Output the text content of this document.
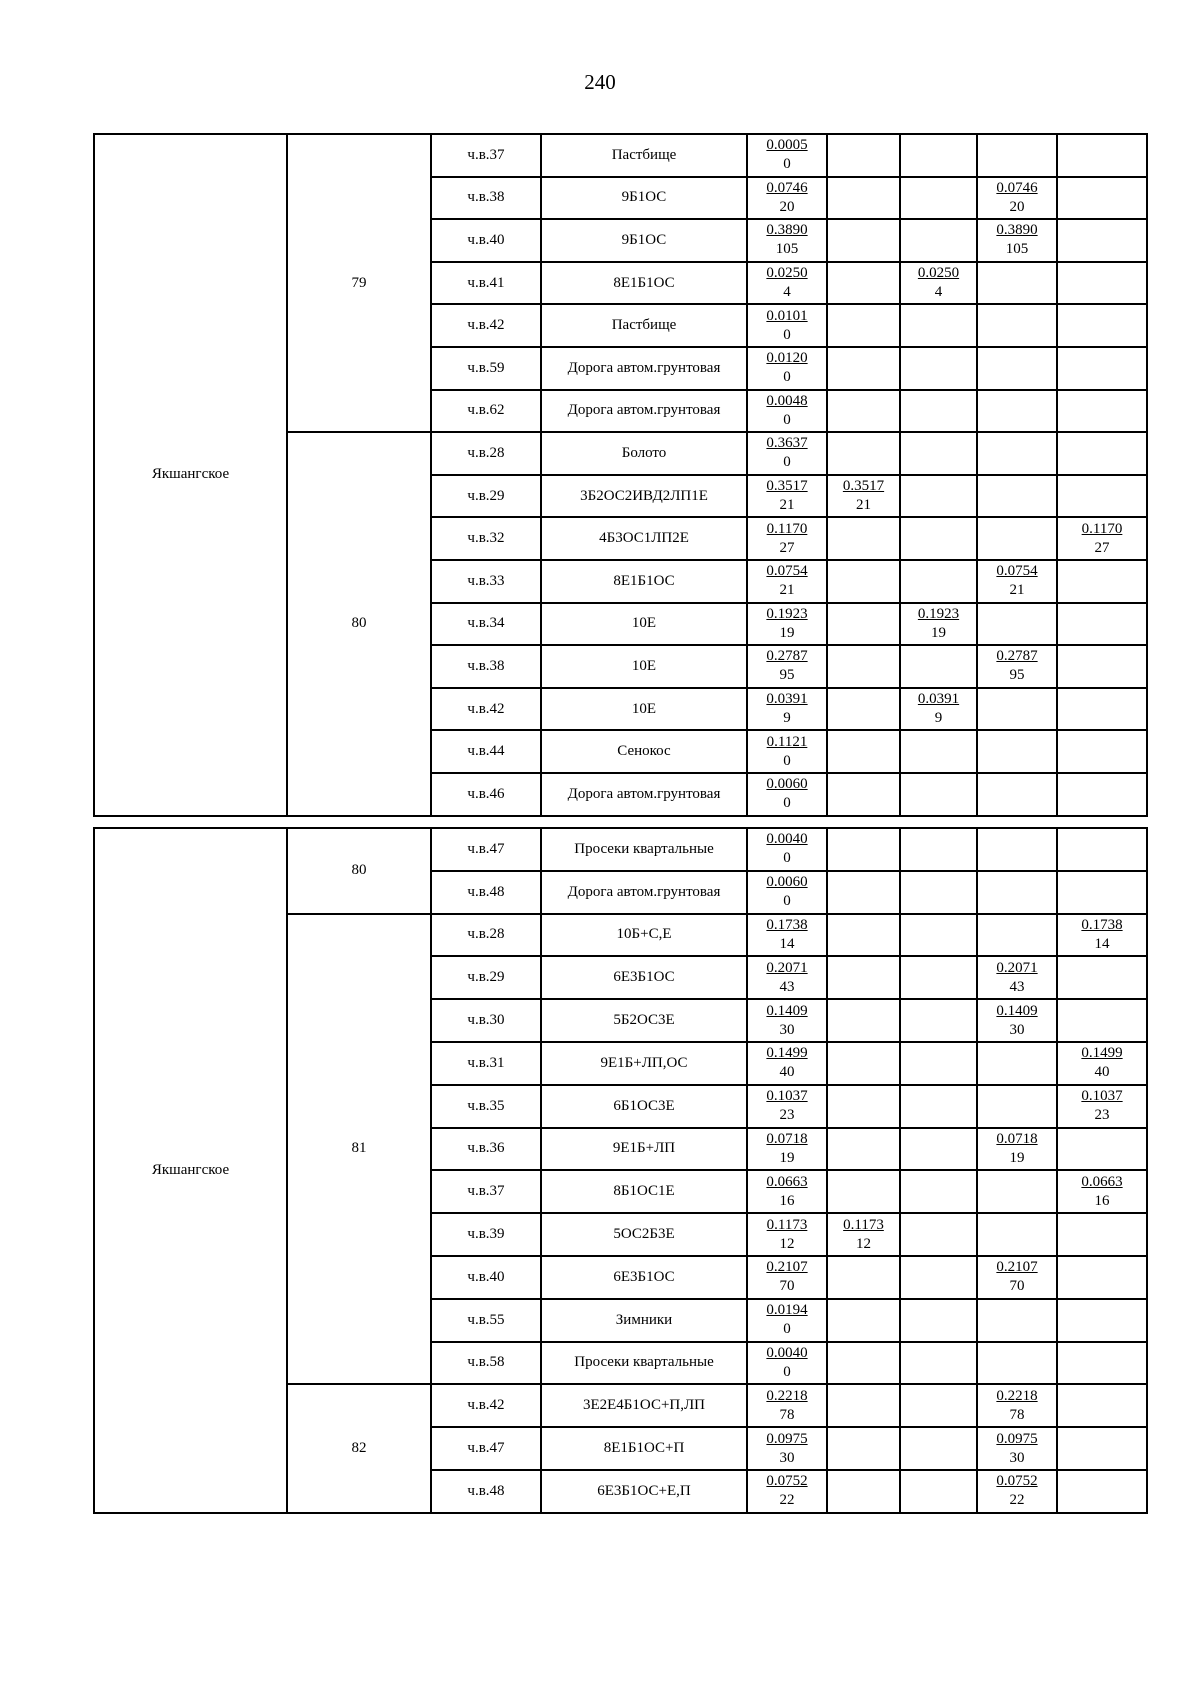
240
Якшангское	79	ч.в.37	Пастбище	$\frac{0.0005}{0}$

		ч.в.38	9Б1ОС	$\frac{0.0746}{20}$			$\frac{0.0746}{20}$

		ч.в.40	9Б1ОС	$\frac{0.3890}{105}$			$\frac{0.3890}{105}$

		ч.в.41	8Е1Б1ОС	$\frac{0.0250}{4}$		$\frac{0.0250}{4}$

		ч.в.42	Пастбище	$\frac{0.0101}{0}$

		ч.в.59	Дорога автом.грунтовая	$\frac{0.0120}{0}$

		ч.в.62	Дорога автом.грунтовая	$\frac{0.0048}{0}$

	80	ч.в.28	Болото	$\frac{0.3637}{0}$

		ч.в.29	3Б2ОС2ИВД2ЛП1Е	$\frac{0.3517}{21}$	$\frac{0.3517}{21}$

		ч.в.32	4Б3ОС1ЛП2Е	$\frac{0.1170}{27}$				$\frac{0.1170}{27}$

		ч.в.33	8Е1Б1ОС	$\frac{0.0754}{21}$			$\frac{0.0754}{21}$

		ч.в.34	10Е	$\frac{0.1923}{19}$		$\frac{0.1923}{19}$

		ч.в.38	10Е	$\frac{0.2787}{95}$			$\frac{0.2787}{95}$

		ч.в.42	10Е	$\frac{0.0391}{9}$		$\frac{0.0391}{9}$

		ч.в.44	Сенокос	$\frac{0.1121}{0}$

		ч.в.46	Дорога автом.грунтовая	$\frac{0.0060}{0}$

Якшангское	80	ч.в.47	Просеки квартальные	$\frac{0.0040}{0}$

		ч.в.48	Дорога автом.грунтовая	$\frac{0.0060}{0}$

	81	ч.в.28	10Б+С,Е	$\frac{0.1738}{14}$				$\frac{0.1738}{14}$

		ч.в.29	6Е3Б1ОС	$\frac{0.2071}{43}$			$\frac{0.2071}{43}$

		ч.в.30	5Б2ОС3Е	$\frac{0.1409}{30}$			$\frac{0.1409}{30}$

		ч.в.31	9Е1Б+ЛП,ОС	$\frac{0.1499}{40}$				$\frac{0.1499}{40}$

		ч.в.35	6Б1ОС3Е	$\frac{0.1037}{23}$				$\frac{0.1037}{23}$

		ч.в.36	9Е1Б+ЛП	$\frac{0.0718}{19}$			$\frac{0.0718}{19}$

		ч.в.37	8Б1ОС1Е	$\frac{0.0663}{16}$				$\frac{0.0663}{16}$

		ч.в.39	5ОС2Б3Е	$\frac{0.1173}{12}$	$\frac{0.1173}{12}$

		ч.в.40	6Е3Б1ОС	$\frac{0.2107}{70}$			$\frac{0.2107}{70}$

		ч.в.55	Зимники	$\frac{0.0194}{0}$

		ч.в.58	Просеки квартальные	$\frac{0.0040}{0}$

	82	ч.в.42	3Е2Е4Б1ОС+П,ЛП	$\frac{0.2218}{78}$			$\frac{0.2218}{78}$

		ч.в.47	8Е1Б1ОС+П	$\frac{0.0975}{30}$			$\frac{0.0975}{30}$

		ч.в.48	6Е3Б1ОС+Е,П	$\frac{0.0752}{22}$			$\frac{0.0752}{22}$
